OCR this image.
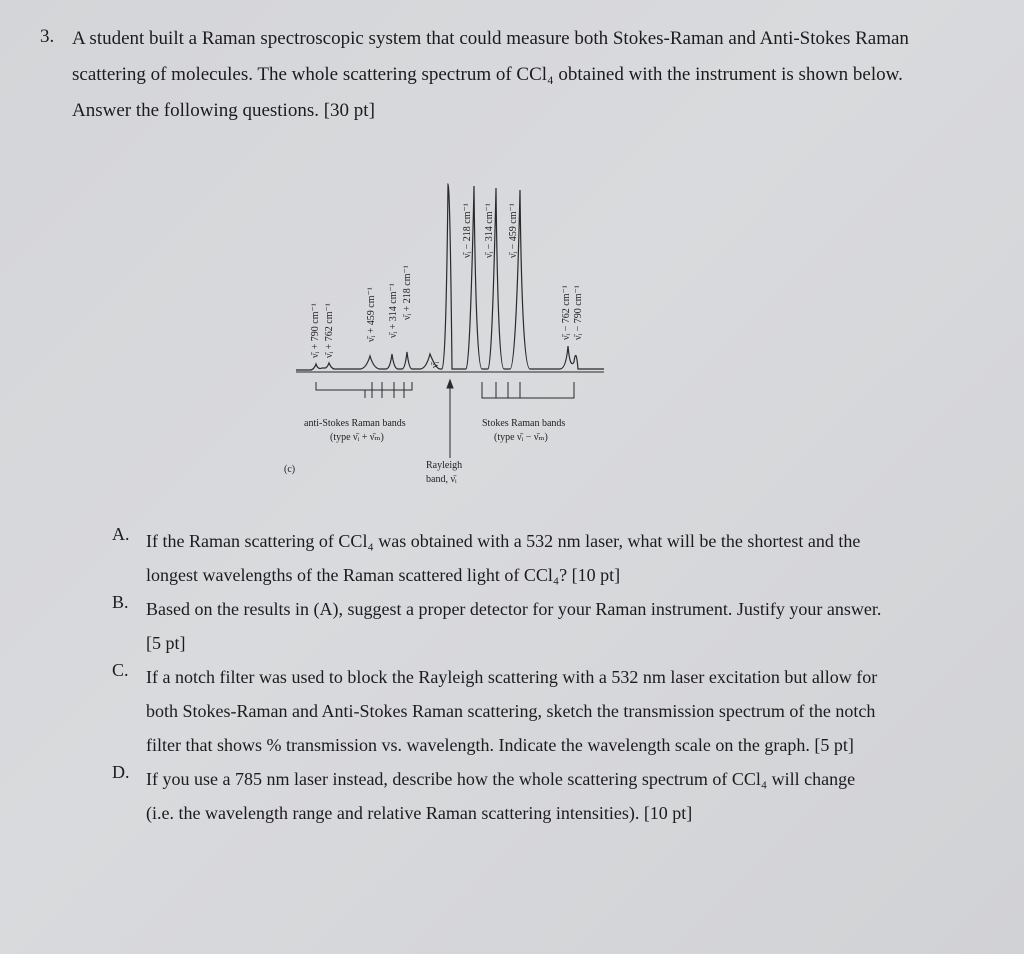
3. A student built a Raman spectroscopic system that could measure both Stokes-Raman and Anti-Stokes Raman
scattering of molecules. The whole scattering spectrum of CCl₄ obtained with the instrument is shown below.
Answer the following questions. [30 pt]
ν̄ᵢ + 790 cm⁻¹ ν̄ᵢ + 762 cm⁻¹	ν̄ᵢ + 459 cm⁻¹ ν̄ᵢ + 314 cm⁻¹ ν̄ᵢ + 218 cm⁻¹
ν̄ᵢ
ν̄ᵢ − 218 cm⁻¹ ν̄ᵢ − 314 cm⁻¹ ν̄ᵢ − 459 cm⁻¹
ν̄ᵢ − 762 cm⁻¹ ν̄ᵢ − 790 cm⁻¹
anti-Stokes Raman bands
(type ν̄ᵢ + ν̄ₘ)
Stokes Raman bands
(type ν̄ᵢ − ν̄ₘ)
Rayleigh
band, ν̄ᵢ
(c)
A. If the Raman scattering of CCl₄ was obtained with a 532 nm laser, what will be the shortest and the
longest wavelengths of the Raman scattered light of CCl₄? [10 pt]
B. Based on the results in (A), suggest a proper detector for your Raman instrument. Justify your answer.
[5 pt]
C. If a notch filter was used to block the Rayleigh scattering with a 532 nm laser excitation but allow for
both Stokes-Raman and Anti-Stokes Raman scattering, sketch the transmission spectrum of the notch
filter that shows % transmission vs. wavelength. Indicate the wavelength scale on the graph. [5 pt]
D. If you use a 785 nm laser instead, describe how the whole scattering spectrum of CCl₄ will change
(i.e. the wavelength range and relative Raman scattering intensities). [10 pt]
